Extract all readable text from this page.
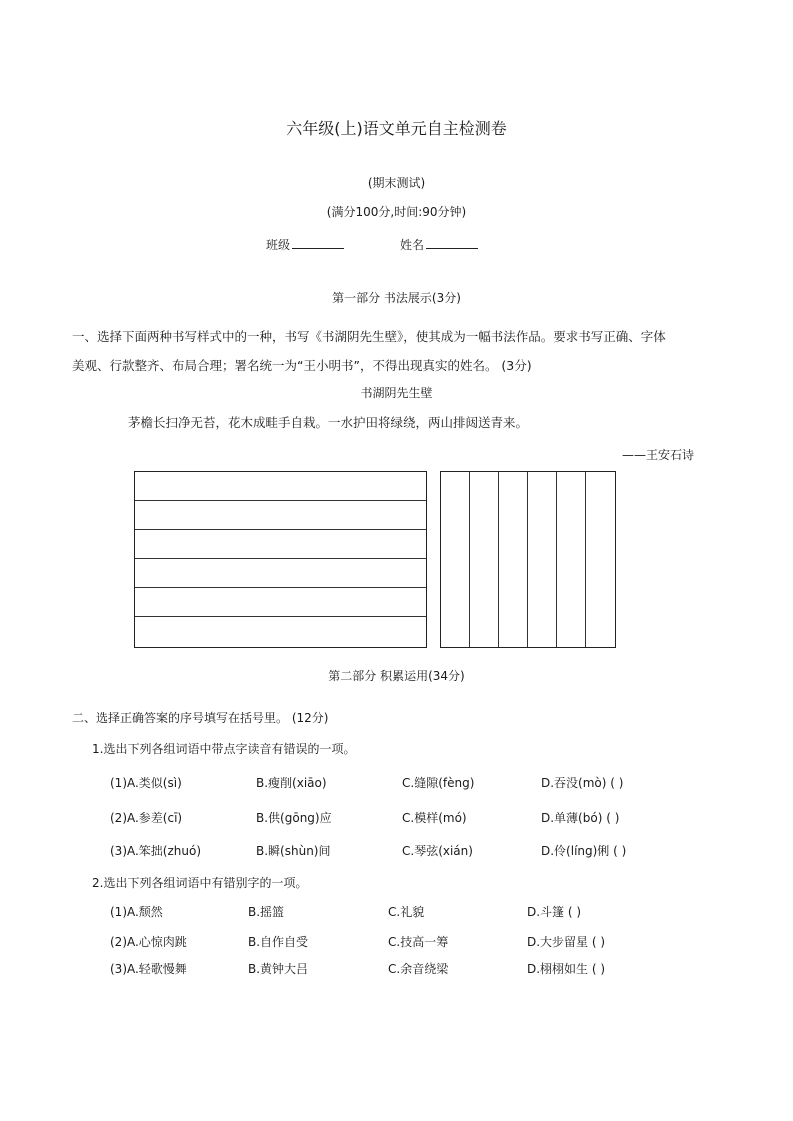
六年级(上)语文单元自主检测卷
(期末测试)
(满分100分,时间:90分钟)
班级	姓名
第一部分 书法展示(3分)
一、选择下面两种书写样式中的一种，书写《书湖阴先生壁》，使其成为一幅书法作品。要求书写正确、字体
美观、行款整齐、布局合理；署名统一为“王小明书”，不得出现真实的姓名。 (3分)
书湖阴先生壁
茅檐长扫净无苔，花木成畦手自栽。一水护田将绿绕，两山排闼送青来。
——王安石诗
第二部分 积累运用(34分)
二、选择正确答案的序号填写在括号里。 (12分)
1.选出下列各组词语中带点字读音有错误的一项。
(1)A.类似(sì)	B.瘦削(xiāo)	C.缝隙(fèng)	D.吞没(mò) ( )
(2)A.参差(cī)	B.供(gōng)应	C.模样(mó)	D.单薄(bó) ( )
(3)A.笨拙(zhuó)	B.瞬(shùn)间	C.琴弦(xián)	D.伶(líng)俐 ( )
2.选出下列各组词语中有错别字的一项。
(1)A.颓然	B.摇篮	C.礼貌	D.斗篷 ( )
(2)A.心惊肉跳	B.自作自受	C.技高一筹	D.大步留星 ( )
(3)A.轻歌慢舞	B.黄钟大吕	C.余音绕梁	D.栩栩如生 ( )
